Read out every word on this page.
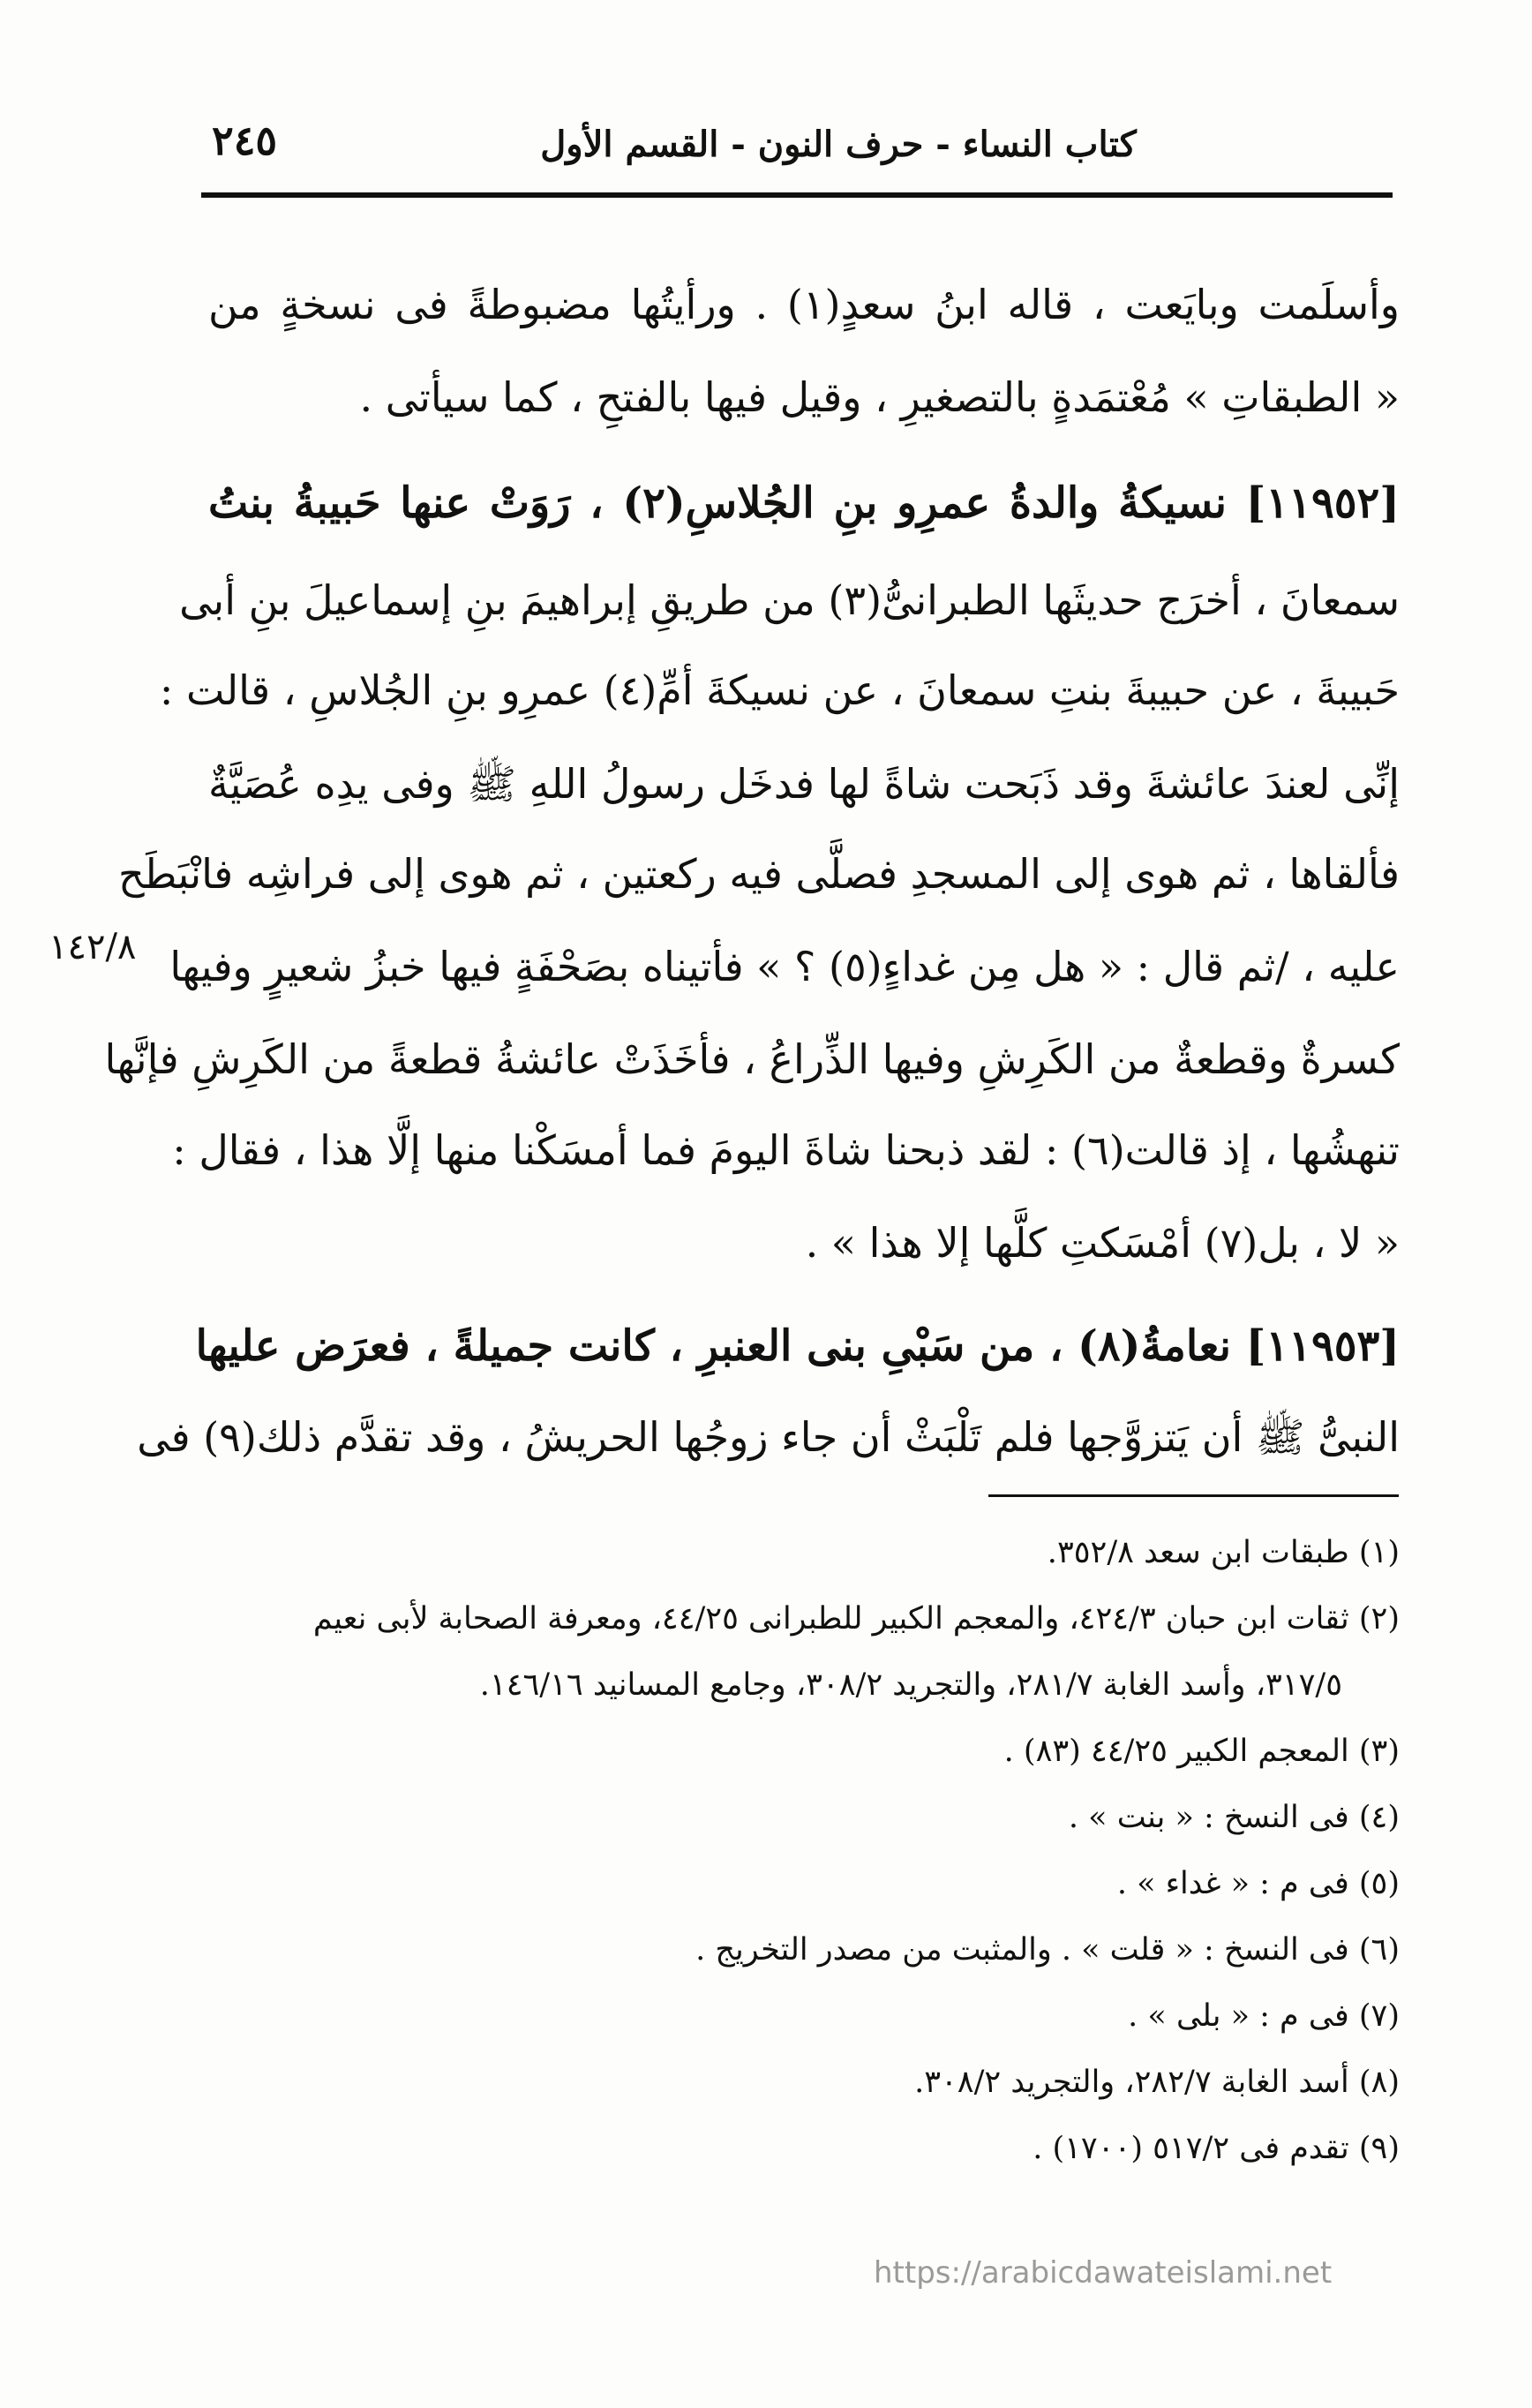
كتاب النساء - حرف النون - القسم الأول
٢٤٥
وأسلَمت وبايَعت ، قاله ابنُ سعدٍ(١) . ورأيتُها مضبوطةً فى نسخةٍ من
« الطبقاتِ » مُعْتمَدةٍ بالتصغيرِ ، وقيل فيها بالفتحِ ، كما سيأتى .
[١١٩٥٢] نسيكةُ والدةُ عمرِو بنِ الجُلاسِ(٢) ، رَوَتْ عنها حَبيبةُ بنتُ
سمعانَ ، أخرَج حديثَها الطبرانىُّ(٣) من طريقِ إبراهيمَ بنِ إسماعيلَ بنِ أبى
حَبيبةَ ، عن حبيبةَ بنتِ سمعانَ ، عن نسيكةَ أمِّ(٤) عمرِو بنِ الجُلاسِ ، قالت :
إنِّى لعندَ عائشةَ وقد ذَبَحت شاةً لها فدخَل رسولُ اللهِ ﷺ وفى يدِه عُصَيَّةٌ
فألقاها ، ثم هوى إلى المسجدِ فصلَّى فيه ركعتين ، ثم هوى إلى فراشِه فانْبَطَح
عليه ، /ثم قال : « هل مِن غداءٍ(٥) ؟ » فأتيناه بصَحْفَةٍ فيها خبزُ شعيرٍ وفيها
كسرةٌ وقطعةٌ من الكَرِشِ وفيها الذِّراعُ ، فأخَذَتْ عائشةُ قطعةً من الكَرِشِ فإنَّها
تنهشُها ، إذ قالت(٦) : لقد ذبحنا شاةَ اليومَ فما أمسَكْنا منها إلَّا هذا ، فقال :
« لا ، بل(٧) أمْسَكتِ كلَّها إلا هذا » .
[١١٩٥٣] نعامةُ(٨) ، من سَبْىِ بنى العنبرِ ، كانت جميلةً ، فعرَض عليها
النبىُّ ﷺ أن يَتزوَّجها فلم تَلْبَثْ أن جاء زوجُها الحريشُ ، وقد تقدَّم ذلك(٩) فى
١٤٢/٨
(١) طبقات ابن سعد ٣٥٢/٨.
(٢) ثقات ابن حبان ٤٢٤/٣، والمعجم الكبير للطبرانى ٤٤/٢٥، ومعرفة الصحابة لأبى نعيم
٣١٧/٥، وأسد الغابة ٢٨١/٧، والتجريد ٣٠٨/٢، وجامع المسانيد ١٤٦/١٦.
(٣) المعجم الكبير ٤٤/٢٥ (٨٣) .
(٤) فى النسخ : « بنت » .
(٥) فى م : « غداء » .
(٦) فى النسخ : « قلت » . والمثبت من مصدر التخريج .
(٧) فى م : « بلى » .
(٨) أسد الغابة ٢٨٢/٧، والتجريد ٣٠٨/٢.
(٩) تقدم فى ٥١٧/٢ (١٧٠٠) .
https://arabicdawateislami.net
